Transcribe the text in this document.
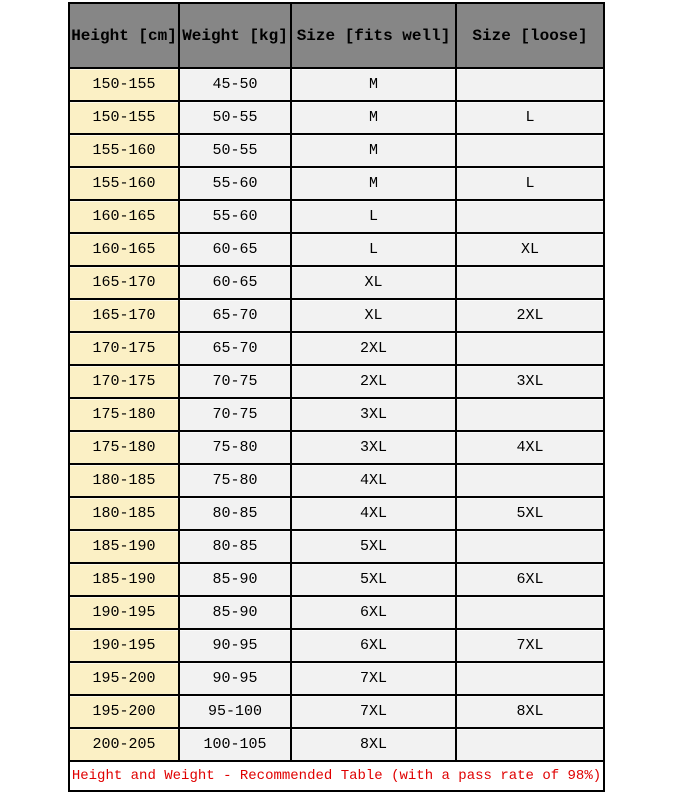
Height [cm]	Weight [kg]	Size [fits well]	Size [loose]
150-155	45-50	M	
150-155	50-55	M	L
155-160	50-55	M	
155-160	55-60	M	L
160-165	55-60	L	
160-165	60-65	L	XL
165-170	60-65	XL	
165-170	65-70	XL	2XL
170-175	65-70	2XL	
170-175	70-75	2XL	3XL
175-180	70-75	3XL	
175-180	75-80	3XL	4XL
180-185	75-80	4XL	
180-185	80-85	4XL	5XL
185-190	80-85	5XL	
185-190	85-90	5XL	6XL
190-195	85-90	6XL	
190-195	90-95	6XL	7XL
195-200	90-95	7XL	
195-200	95-100	7XL	8XL
200-205	100-105	8XL	
Height and Weight - Recommended Table (with a pass rate of 98%)			
